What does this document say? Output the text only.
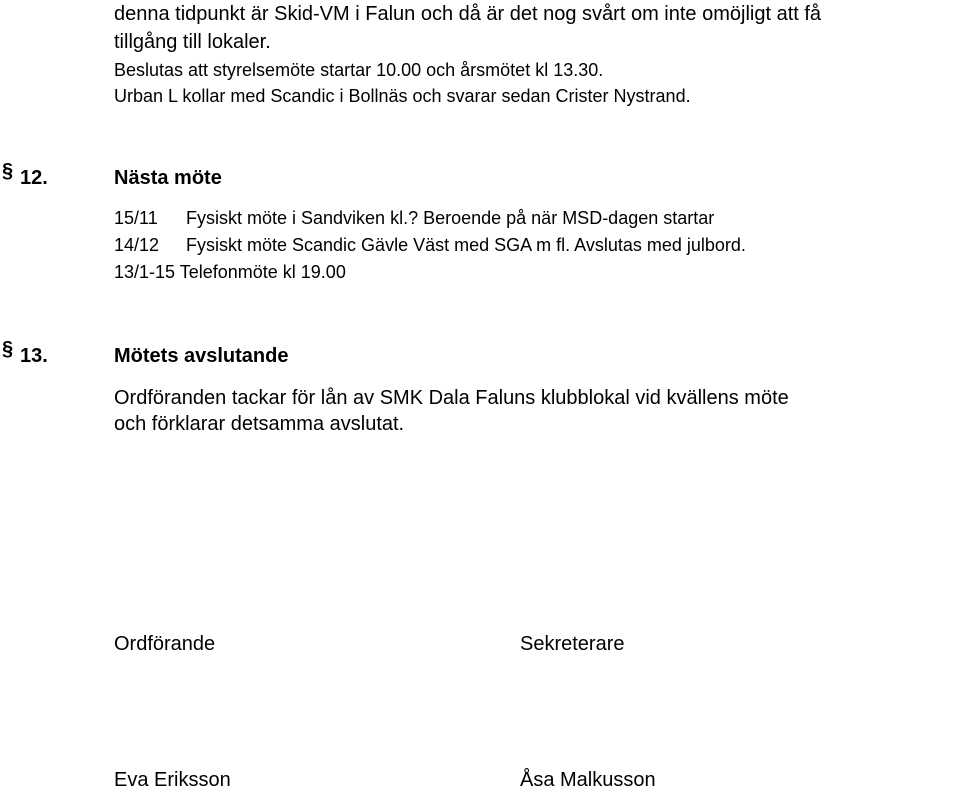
denna tidpunkt är Skid-VM i Falun och då är det nog svårt om inte omöjligt att få
tillgång till lokaler.
Beslutas att styrelsemöte startar 10.00 och årsmötet kl 13.30.
Urban L kollar med Scandic i Bollnäs och svarar sedan Crister Nystrand.
§ 12.	Nästa möte
15/11 Fysiskt möte i Sandviken kl.? Beroende på när MSD-dagen startar
14/12 Fysiskt möte Scandic Gävle Väst med SGA m fl. Avslutas med julbord.
13/1-15 Telefonmöte kl 19.00
§ 13.	Mötets avslutande
Ordföranden tackar för lån av SMK Dala Faluns klubblokal vid kvällens möte
och förklarar detsamma avslutat.
Ordförande	Sekreterare
Eva Eriksson	Åsa Malkusson
